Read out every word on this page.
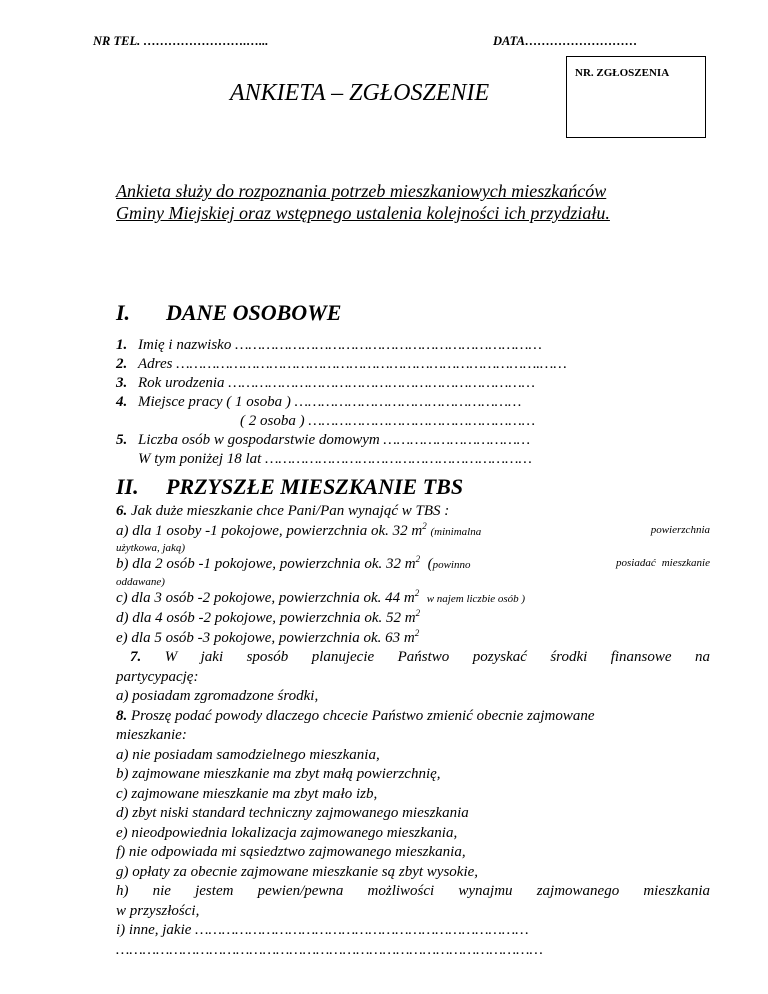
NR TEL. …………………….…...	DATA………………………
ANKIETA – ZGŁOSZENIE
NR. ZGŁOSZENIA
Ankieta służy do rozpoznania potrzeb mieszkaniowych mieszkańców
Gminy Miejskiej oraz wstępnego ustalenia kolejności ich przydziału.
I. DANE OSOBOWE
1. Imię i nazwisko ……………………………………………………………
2. Adres ……………………………………………………………………….……
3. Rok urodzenia ……………………………………………………………
4. Miejsce pracy ( 1 osoba ) ……………………………………………
( 2 osoba ) ……………………………………………
5. Liczba osób w gospodarstwie domowym ……………………………
W tym poniżej 18 lat ……………………………………………………
II. PRZYSZŁE MIESZKANIE TBS
6. Jak duże mieszkanie chce Pani/Pan wynająć w TBS :
a) dla 1 osoby -1 pokojowe, powierzchnia ok. 32 $m^2$ (minimalna	powierzchnia
użytkowa, jaką)
b) dla 2 osób -1 pokojowe, powierzchnia ok. 32 $m^2$ (powinno	posiadać mieszkanie
oddawane)
c) dla 3 osób -2 pokojowe, powierzchnia ok. 44 $m^2$ w najem liczbie osób )
d) dla 4 osób -2 pokojowe, powierzchnia ok. 52 $m^2$
e) dla 5 osób -3 pokojowe, powierzchnia ok. 63 $m^2$
7. W jaki sposób planujecie Państwo pozyskać środki finansowe na
partycypację:
a) posiadam zgromadzone środki,
8. Proszę podać powody dlaczego chcecie Państwo zmienić obecnie zajmowane
mieszkanie:
a) nie posiadam samodzielnego mieszkania,
b) zajmowane mieszkanie ma zbyt małą powierzchnię,
c) zajmowane mieszkanie ma zbyt mało izb,
d) zbyt niski standard techniczny zajmowanego mieszkania
e) nieodpowiednia lokalizacja zajmowanego mieszkania,
f) nie odpowiada mi sąsiedztwo zajmowanego mieszkania,
g) opłaty za obecnie zajmowane mieszkanie są zbyt wysokie,
h) nie jestem pewien/pewna możliwości wynajmu zajmowanego mieszkania
w przyszłości,
i) inne, jakie …………………………………………………………………
……………………………………………………………………………………
